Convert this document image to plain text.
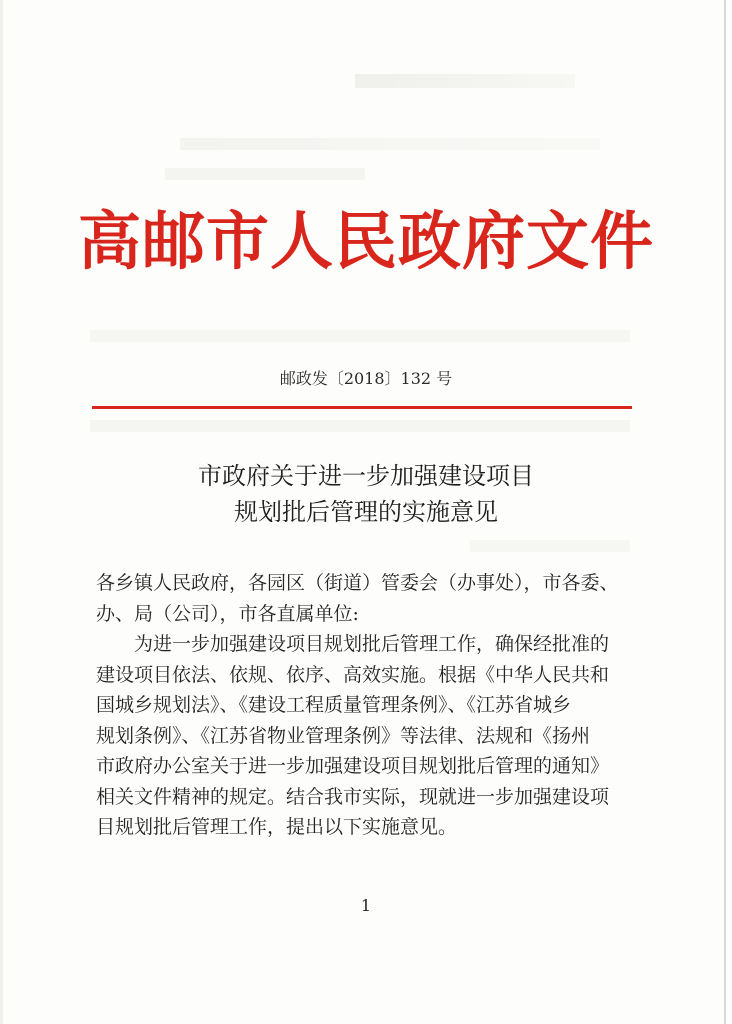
高邮市人民政府文件
邮政发〔2018〕132 号
市政府关于进一步加强建设项目
规划批后管理的实施意见
各乡镇人民政府，各园区（街道）管委会（办事处），市各委、
办、局（公司），市各直属单位:
　　为进一步加强建设项目规划批后管理工作，确保经批准的
建设项目依法、依规、依序、高效实施。根据《中华人民共和
国城乡规划法》、《建设工程质量管理条例》、《江苏省城乡
规划条例》、《江苏省物业管理条例》等法律、法规和《扬州
市政府办公室关于进一步加强建设项目规划批后管理的通知》
相关文件精神的规定。结合我市实际，现就进一步加强建设项
目规划批后管理工作，提出以下实施意见。
1
